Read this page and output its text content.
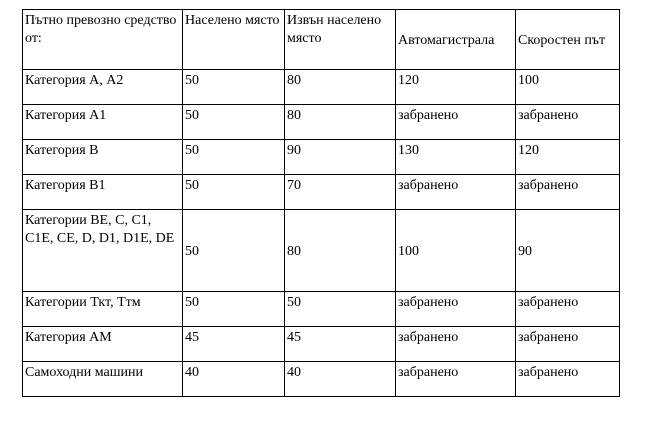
Пътно превозно средство от:	Населено място	Извън населено място	Автомагистрала	Скоростен път
Категория А, А2	50	80	120	100
Категория А1	50	80	забранено	забранено
Категория В	50	90	130	120
Категория В1	50	70	забранено	забранено
Категории ВЕ, С, С1, С1Е, СЕ, D, D1, D1Е, DЕ	50	80	100	90
Категории Ткт, Ттм	50	50	забранено	забранено
Категория АМ	45	45	забранено	забранено
Самоходни машини	40	40	забранено	забранено
